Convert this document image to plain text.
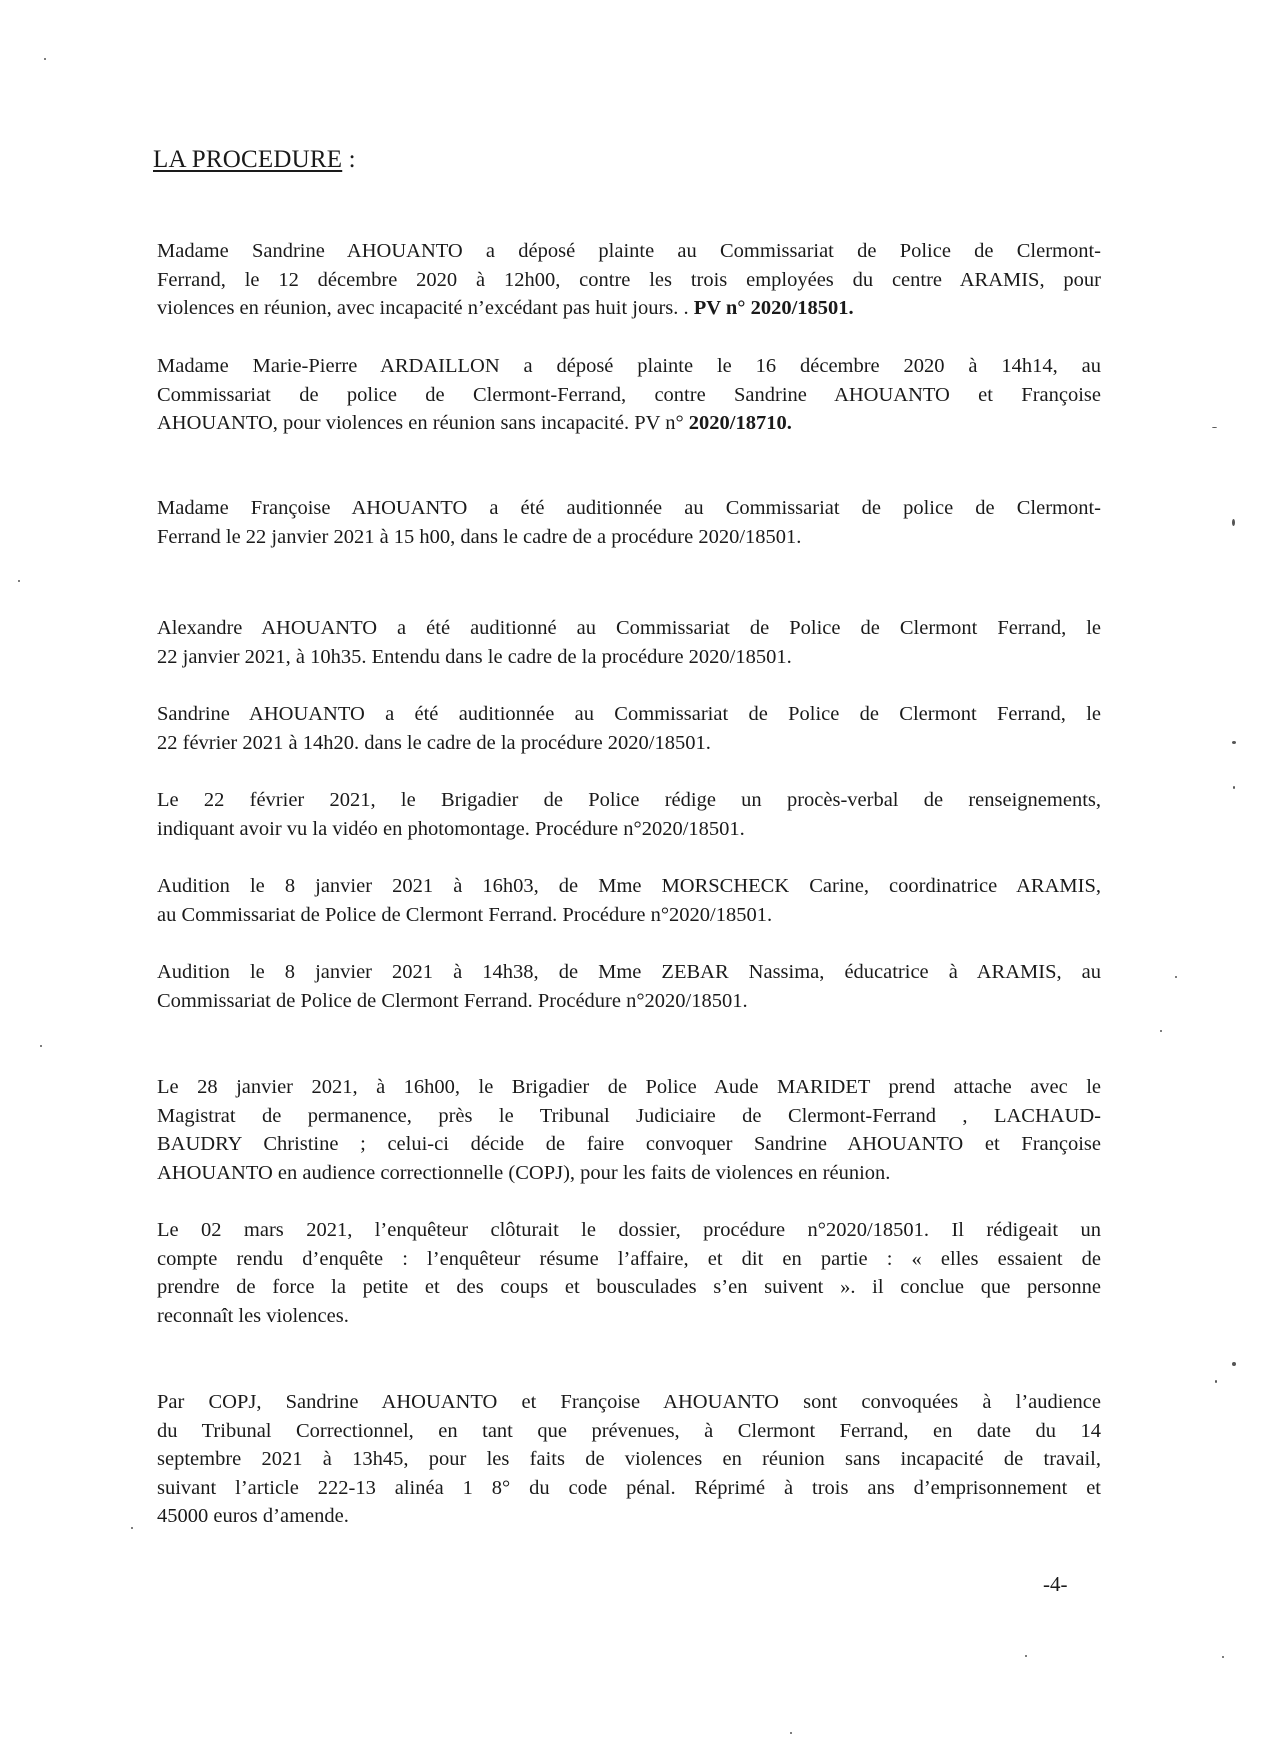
LA PROCEDURE :
Madame Sandrine AHOUANTO a déposé plainte au Commissariat de Police de Clermont-
Ferrand, le 12 décembre 2020 à 12h00, contre les trois employées du centre ARAMIS, pour
violences en réunion, avec incapacité n’excédant pas huit jours. . PV n° 2020/18501.
Madame Marie-Pierre ARDAILLON a déposé plainte le 16 décembre 2020 à 14h14, au
Commissariat de police de Clermont-Ferrand, contre Sandrine AHOUANTO et Françoise
AHOUANTO, pour violences en réunion sans incapacité. PV n° 2020/18710.
Madame Françoise AHOUANTO a été auditionnée au Commissariat de police de Clermont-
Ferrand le 22 janvier 2021 à 15 h00, dans le cadre de a procédure 2020/18501.
Alexandre AHOUANTO a été auditionné au Commissariat de Police de Clermont Ferrand, le
22 janvier 2021, à 10h35. Entendu dans le cadre de la procédure 2020/18501.
Sandrine AHOUANTO a été auditionnée au Commissariat de Police de Clermont Ferrand, le
22 février 2021 à 14h20. dans le cadre de la procédure 2020/18501.
Le 22 février 2021, le Brigadier de Police rédige un procès-verbal de renseignements,
indiquant avoir vu la vidéo en photomontage. Procédure n°2020/18501.
Audition le 8 janvier 2021 à 16h03, de Mme MORSCHECK Carine, coordinatrice ARAMIS,
au Commissariat de Police de Clermont Ferrand. Procédure n°2020/18501.
Audition le 8 janvier 2021 à 14h38, de Mme ZEBAR Nassima, éducatrice à ARAMIS, au
Commissariat de Police de Clermont Ferrand. Procédure n°2020/18501.
Le 28 janvier 2021, à 16h00, le Brigadier de Police Aude MARIDET prend attache avec le
Magistrat de permanence, près le Tribunal Judiciaire de Clermont-Ferrand , LACHAUD-
BAUDRY Christine ; celui-ci décide de faire convoquer Sandrine AHOUANTO et Françoise
AHOUANTO en audience correctionnelle (COPJ), pour les faits de violences en réunion.
Le 02 mars 2021, l’enquêteur clôturait le dossier, procédure n°2020/18501. Il rédigeait un
compte rendu d’enquête : l’enquêteur résume l’affaire, et dit en partie : « elles essaient de
prendre de force la petite et des coups et bousculades s’en suivent ». il conclue que personne
reconnaît les violences.
Par COPJ, Sandrine AHOUANTO et Françoise AHOUANTO sont convoquées à l’audience
du Tribunal Correctionnel, en tant que prévenues, à Clermont Ferrand, en date du 14
septembre 2021 à 13h45, pour les faits de violences en réunion sans incapacité de travail,
suivant l’article 222-13 alinéa 1 8° du code pénal. Réprimé à trois ans d’emprisonnement et
45000 euros d’amende.
-4-
